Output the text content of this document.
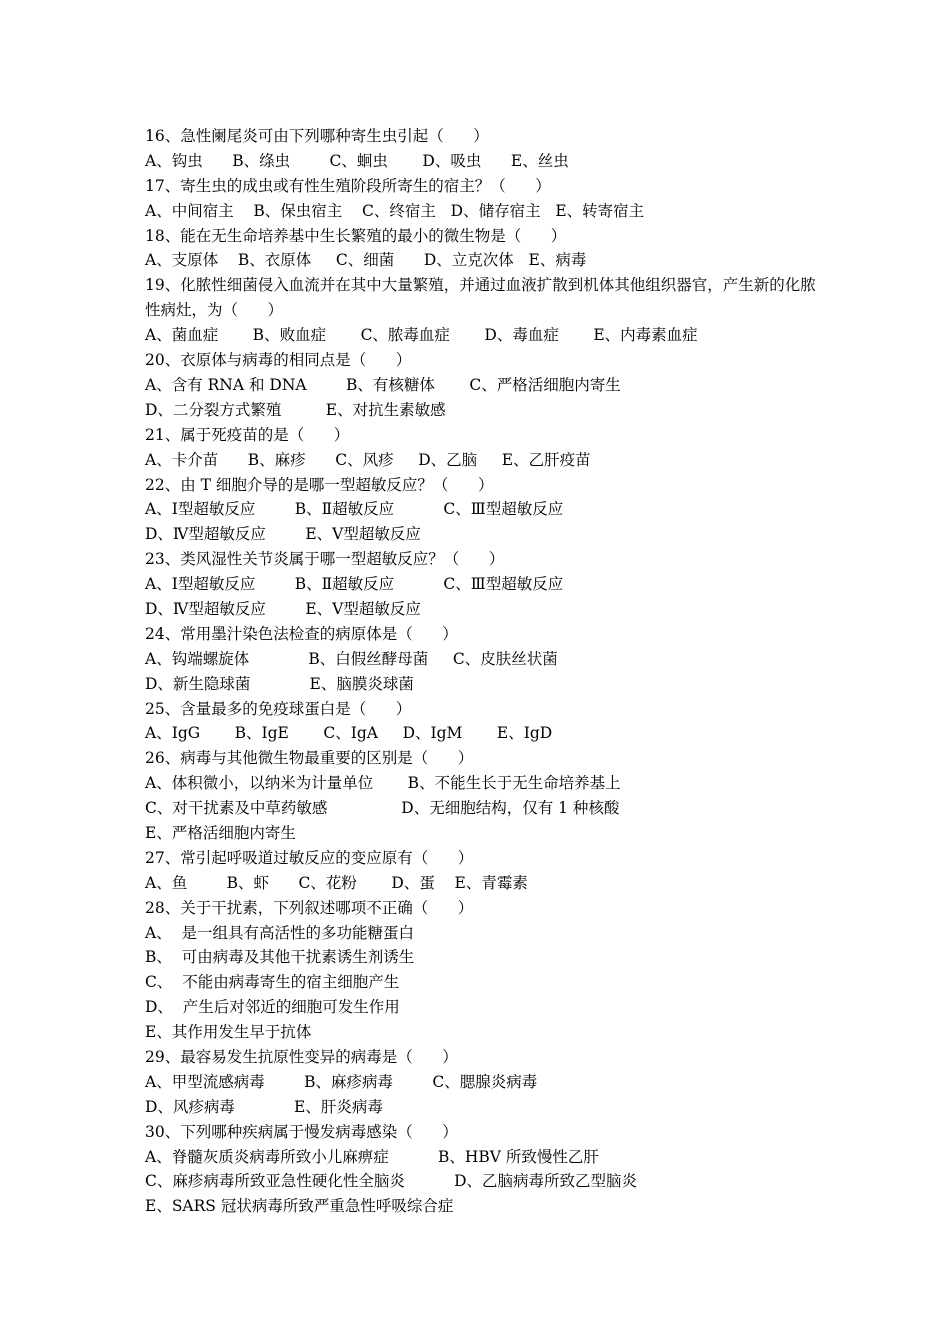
16、急性阑尾炎可由下列哪种寄生虫引起（      ）
A、钩虫      B、绦虫        C、蛔虫       D、吸虫      E、丝虫
17、寄生虫的成虫或有性生殖阶段所寄生的宿主？（      ）
A、中间宿主    B、保虫宿主    C、终宿主   D、储存宿主   E、转寄宿主
18、能在无生命培养基中生长繁殖的最小的微生物是（      ）
A、支原体    B、衣原体     C、细菌      D、立克次体   E、病毒
19、化脓性细菌侵入血流并在其中大量繁殖，并通过血液扩散到机体其他组织器官，产生新的化脓性病灶，为（      ）
A、菌血症       B、败血症       C、脓毒血症       D、毒血症       E、内毒素血症
20、衣原体与病毒的相同点是（      ）
A、含有 RNA 和 DNA        B、有核糖体       C、严格活细胞内寄生
D、二分裂方式繁殖         E、对抗生素敏感
21、属于死疫苗的是（      ）
A、卡介苗      B、麻疹      C、风疹     D、乙脑     E、乙肝疫苗
22、由 T 细胞介导的是哪一型超敏反应？（      ）
A、Ⅰ型超敏反应        B、Ⅱ超敏反应          C、Ⅲ型超敏反应
D、Ⅳ型超敏反应        E、Ⅴ型超敏反应
23、类风湿性关节炎属于哪一型超敏反应？（      ）
A、Ⅰ型超敏反应        B、Ⅱ超敏反应          C、Ⅲ型超敏反应
D、Ⅳ型超敏反应        E、Ⅴ型超敏反应
24、常用墨汁染色法检查的病原体是（      ）
A、钩端螺旋体            B、白假丝酵母菌     C、皮肤丝状菌
D、新生隐球菌            E、脑膜炎球菌
25、含量最多的免疫球蛋白是（      ）
A、IgG       B、IgE       C、IgA     D、IgM       E、IgD
26、病毒与其他微生物最重要的区别是（      ）
A、体积微小，以纳米为计量单位       B、不能生长于无生命培养基上
C、对干扰素及中草药敏感               D、无细胞结构，仅有 1 种核酸
E、严格活细胞内寄生
27、常引起呼吸道过敏反应的变应原有（      ）
A、鱼        B、虾      C、花粉       D、蛋    E、青霉素
28、关于干扰素，下列叙述哪项不正确（      ）
A、  是一组具有高活性的多功能糖蛋白
B、  可由病毒及其他干扰素诱生剂诱生
C、  不能由病毒寄生的宿主细胞产生
D、  产生后对邻近的细胞可发生作用
E、其作用发生早于抗体
29、最容易发生抗原性变异的病毒是（      ）
A、甲型流感病毒        B、麻疹病毒        C、腮腺炎病毒
D、风疹病毒            E、肝炎病毒
30、下列哪种疾病属于慢发病毒感染（      ）
A、脊髓灰质炎病毒所致小儿麻痹症          B、HBV 所致慢性乙肝
C、麻疹病毒所致亚急性硬化性全脑炎          D、乙脑病毒所致乙型脑炎
E、SARS 冠状病毒所致严重急性呼吸综合症
